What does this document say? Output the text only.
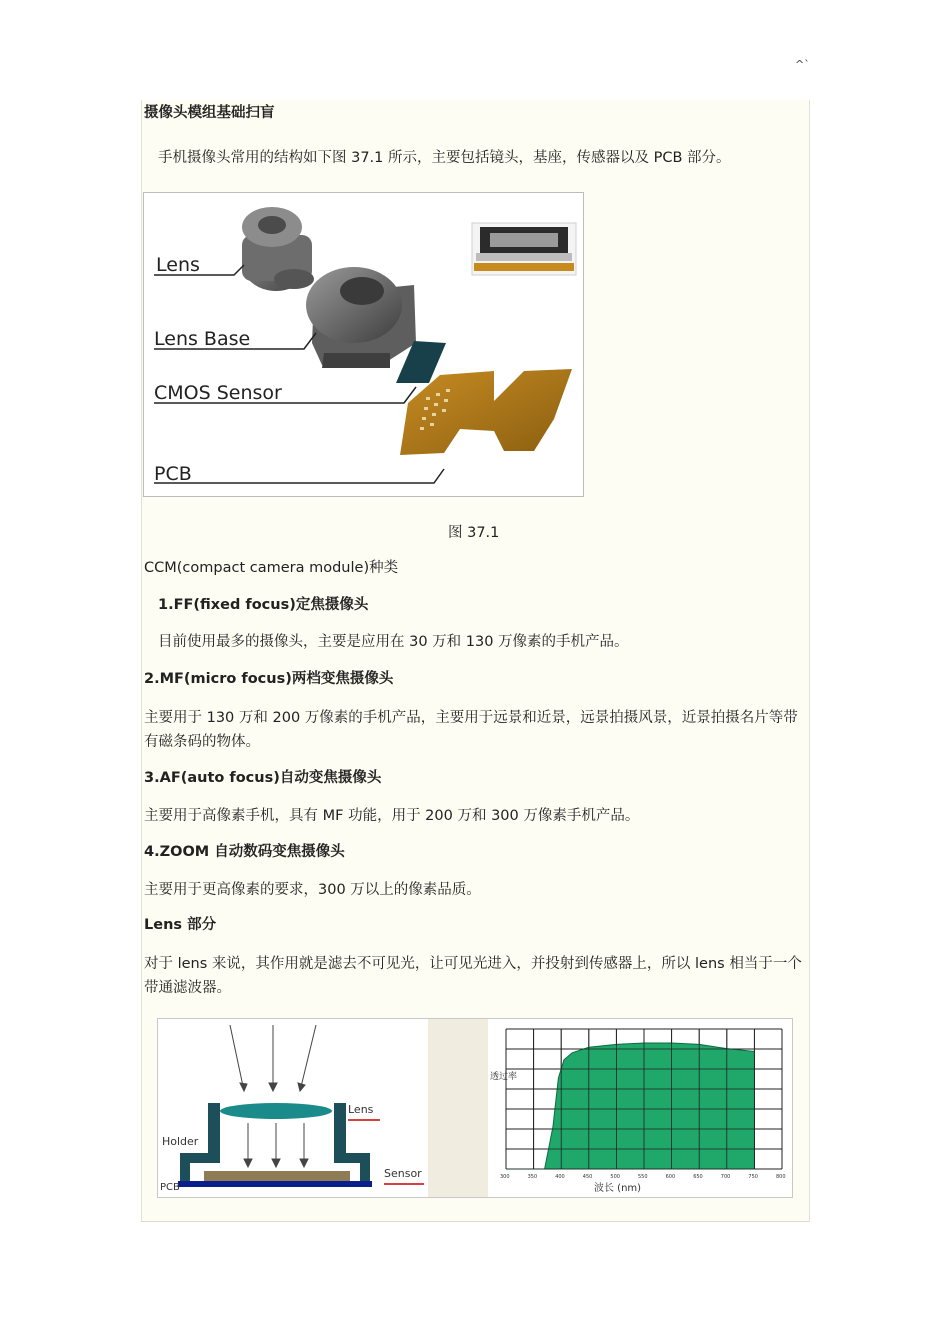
^`
摄像头模组基础扫盲
手机摄像头常用的结构如下图 37.1 所示，主要包括镜头，基座，传感器以及 PCB 部分。
Lens
Lens Base
CMOS Sensor
PCB
图 37.1
CCM(compact camera module)种类
1.FF(fixed focus)定焦摄像头
目前使用最多的摄像头，主要是应用在 30 万和 130 万像素的手机产品。
2.MF(micro focus)两档变焦摄像头
主要用于 130 万和 200 万像素的手机产品，主要用于远景和近景，远景拍摄风景，近景拍摄名片等带有磁条码的物体。
3.AF(auto focus)自动变焦摄像头
主要用于高像素手机，具有 MF 功能，用于 200 万和 300 万像素手机产品。
4.ZOOM 自动数码变焦摄像头
主要用于更高像素的要求，300 万以上的像素品质。
Lens 部分
对于 lens 来说，其作用就是滤去不可见光，让可见光进入，并投射到传感器上，所以 lens 相当于一个带通滤波器。
Lens
Holder
Sensor
PCB
透过率
波长 (nm)
300	350	400	450	500	550	600	650	700	750	800
